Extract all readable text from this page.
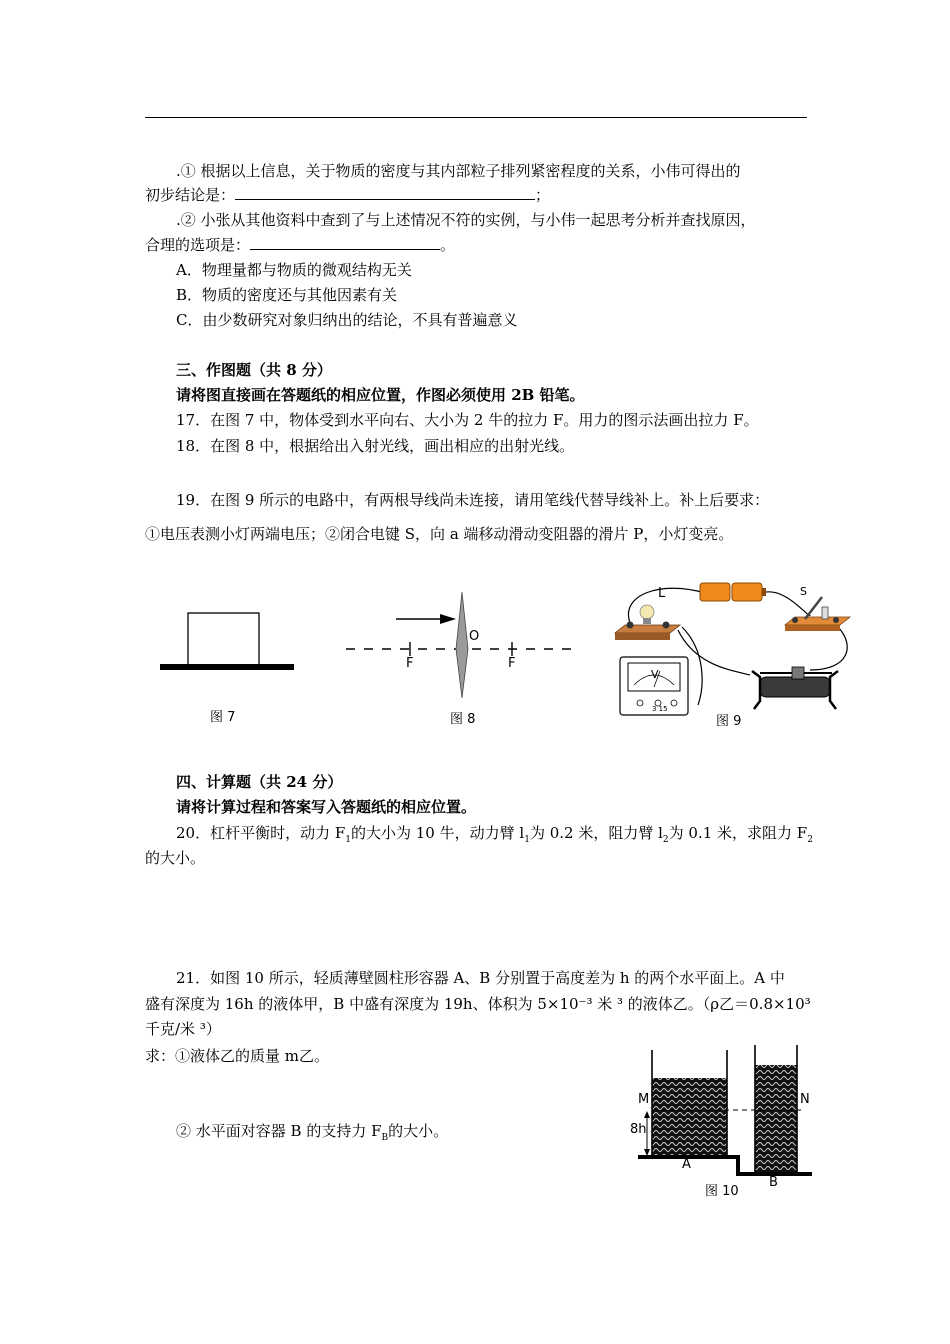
.① 根据以上信息，关于物质的密度与其内部粒子排列紧密程度的关系，小伟可得出的
初步结论是：	；
.② 小张从其他资料中查到了与上述情况不符的实例，与小伟一起思考分析并查找原因，
合理的选项是：	。
A．物理量都与物质的微观结构无关
B．物质的密度还与其他因素有关
C．由少数研究对象归纳出的结论，不具有普遍意义
三、作图题（共 8 分）
请将图直接画在答题纸的相应位置，作图必须使用 2B 铅笔。
17．在图 7 中，物体受到水平向右、大小为 2 牛的拉力 F。用力的图示法画出拉力 F。
18．在图 8 中，根据给出入射光线，画出相应的出射光线。
19．在图 9 所示的电路中，有两根导线尚未连接，请用笔线代替导线补上。补上后要求：
①电压表测小灯两端电压；②闭合电键 S，向 a 端移动滑动变阻器的滑片 P，小灯变亮。
图 7
O
F	F
图 8
L	S
V
3 15
图 9
四、计算题（共 24 分）
请将计算过程和答案写入答题纸的相应位置。
20．杠杆平衡时，动力 $F_1$的大小为 10 牛，动力臂 $l_1$为 0.2 米，阻力臂 $l_2$为 0.1 米，求阻力 $F_2$
的大小。
21．如图 10 所示，轻质薄壁圆柱形容器 A、B 分别置于高度差为 h 的两个水平面上。A 中
盛有深度为 16h 的液体甲，B 中盛有深度为 19h、体积为 5×10⁻³ 米 ³ 的液体乙。（ρ乙＝0.8×10³
千克/米 ³）
求：①液体乙的质量 m乙。
② 水平面对容器 B 的支持力 $F_B$的大小。
M	N
8h
A
B
图 10
